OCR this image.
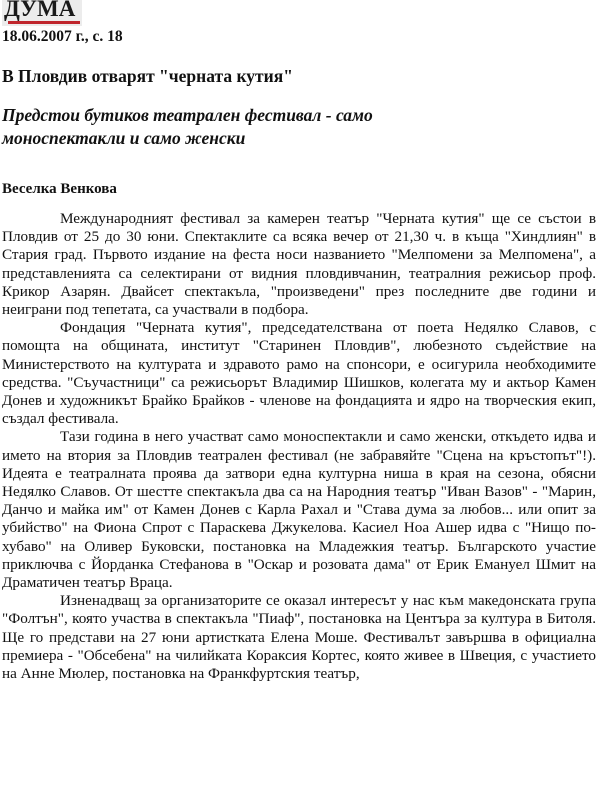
ДУМА
18.06.2007 г., с. 18
В Пловдив отварят "черната кутия"
Предстои бутиков театрален фестивал - само моноспектакли и само женски
Веселка Венкова

Международният фестивал за камерен театър "Черната кутия" ще се състои в Пловдив от 25 до 30 юни. Спектаклите са всяка вечер от 21,30 ч. в къща "Хиндлиян" в Стария град. Първото издание на феста носи названието "Мелпомени за Мелпомена", а представленията са селектирани от видния пловдивчанин, театралния режисьор проф. Крикор Азарян. Двайсет спектакъла, "произведени" през последните две години и неиграни под тепетата, са участвали в подбора.

Фондация "Черната кутия", председателствана от поета Недялко Славов, с помощта на общината, институт "Старинен Пловдив", любезното съдействие на Министерството на културата и здравото рамо на спонсори, е осигурила необходимите средства. "Съучастници" са режисьорът Владимир Шишков, колегата му и актьор Камен Донев и художникът Брайко Брайков - членове на фондацията и ядро на творческия екип, създал фестивала.

Тази година в него участват само моноспектакли и само женски, откъдето идва и името на втория за Пловдив театрален фестивал (не забравяйте "Сцена на кръстопът"!). Идеята е театралната проява да затвори една културна ниша в края на сезона, обясни Недялко Славов. От шестте спектакъла два са на Народния театър "Иван Вазов" - "Марин, Данчо и майка им" от Камен Донев с Карла Рахал и "Става дума за любов... или опит за убийство" на Фиона Спрот с Параскева Джукелова. Касиел Ноа Ашер идва с "Нищо по-хубаво" на Оливер Буковски, постановка на Младежкия театър. Българското участие приключва с Йорданка Стефанова в "Оскар и розовата дама" от Ерик Емануел Шмит на Драматичен театър Враца.

Изненадващ за организаторите се оказал интересът у нас към македонската група "Фолтън", която участва в спектакъла "Пиаф", постановка на Центъра за култура в Битоля. Ще го представи на 27 юни артистката Елена Моше. Фестивалът завършва в официална премиера - "Обсебена" на чилийката Кораксия Кортес, която живее в Швеция, с участието на Анне Мюлер, постановка на Франкфуртския театър,
